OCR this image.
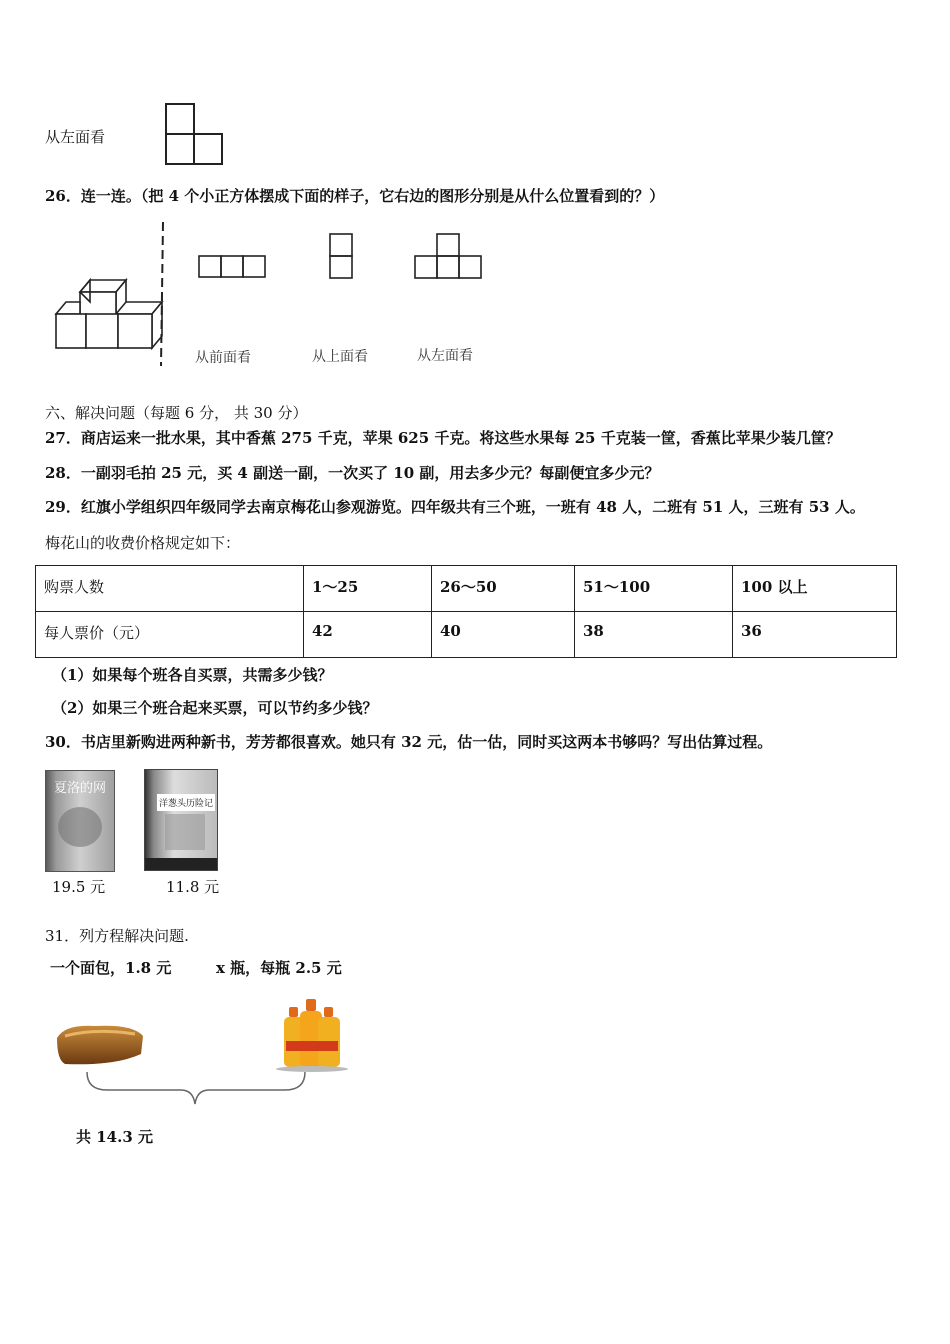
从左面看
26．连一连。（把 4 个小正方体摆成下面的样子，它右边的图形分别是从什么位置看到的？）
从前面看	从上面看	从左面看
六、解决问题（每题 6 分， 共 30 分）
27．商店运来一批水果，其中香蕉 275 千克，苹果 625 千克。将这些水果每 25 千克装一筐，香蕉比苹果少装几筐？
28．一副羽毛拍 25 元，买 4 副送一副，一次买了 10 副，用去多少元？每副便宜多少元？
29．红旗小学组织四年级同学去南京梅花山参观游览。四年级共有三个班，一班有 48 人，二班有 51 人，三班有 53 人。
梅花山的收费价格规定如下：
购票人数	1～25	26～50	51～100	100 以上
每人票价（元）	42	40	38	36
（1）如果每个班各自买票，共需多少钱？
（2）如果三个班合起来买票，可以节约多少钱？
30．书店里新购进两种新书，芳芳都很喜欢。她只有 32 元，估一估，同时买这两本书够吗？写出估算过程。
夏洛的网
19.5 元
洋葱头历险记
11.8 元
31．列方程解决问题.
一个面包，1.8 元	x 瓶，每瓶 2.5 元
共 14.3 元
